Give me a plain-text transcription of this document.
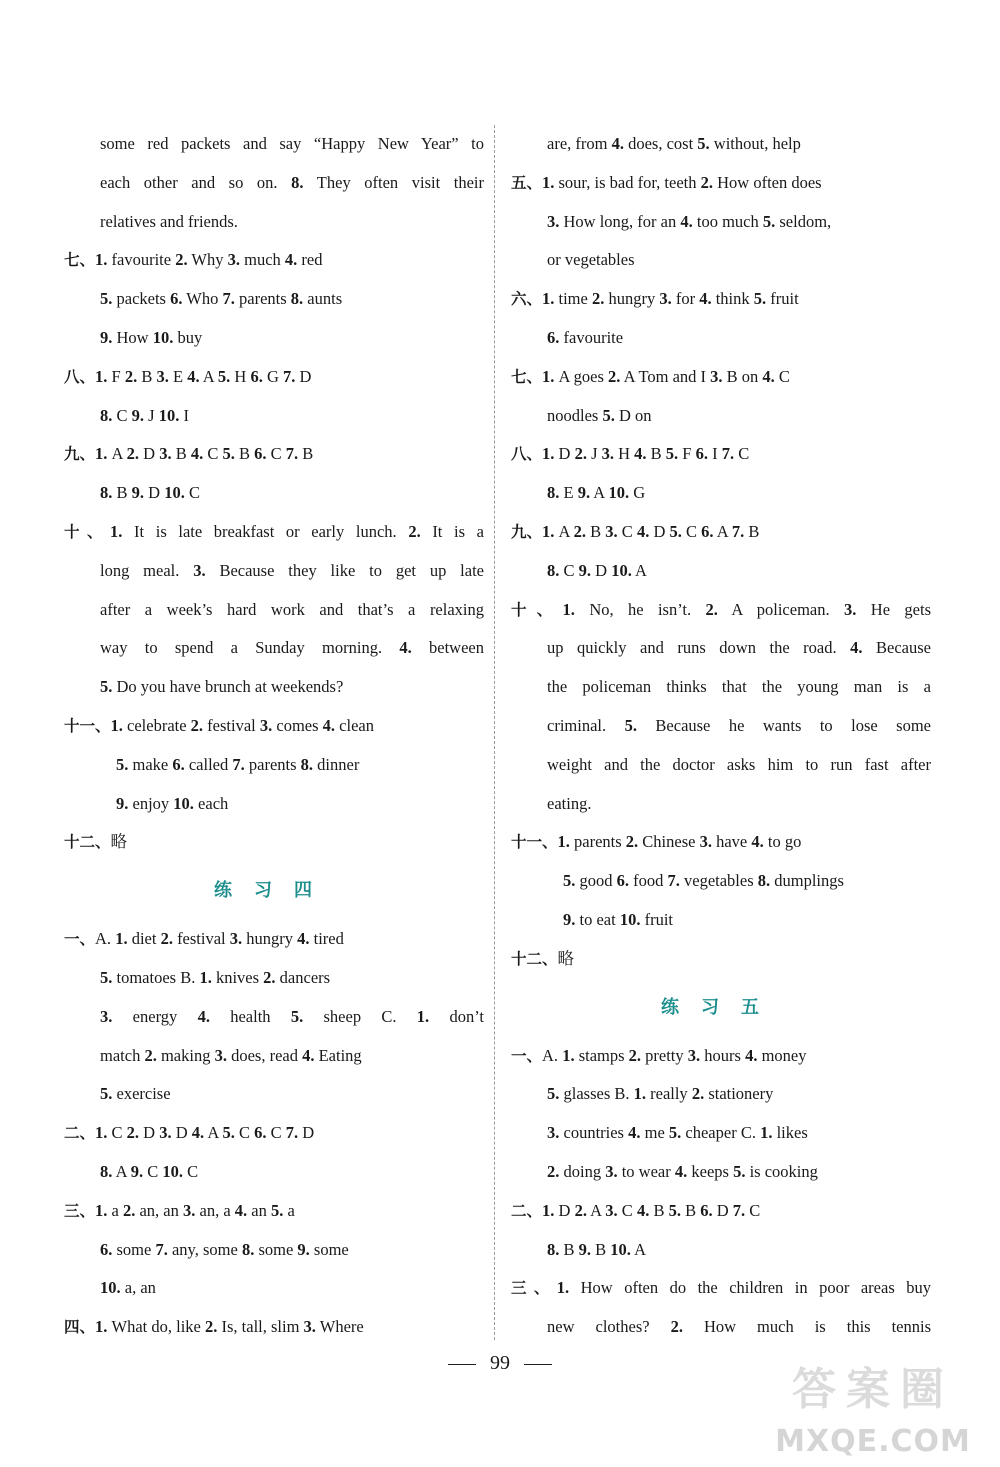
some red packets and say “Happy New Year” to
each other and so on. 8. They often visit their
relatives and friends.
七、1. favourite 2. Why 3. much 4. red
5. packets 6. Who 7. parents 8. aunts
9. How 10. buy
八、1. F 2. B 3. E 4. A 5. H 6. G 7. D
8. C 9. J 10. I
九、1. A 2. D 3. B 4. C 5. B 6. C 7. B
8. B 9. D 10. C
十、1. It is late breakfast or early lunch. 2. It is a
long meal. 3. Because they like to get up late
after a week’s hard work and that’s a relaxing
way to spend a Sunday morning. 4. between
5. Do you have brunch at weekends?
十一、1. celebrate 2. festival 3. comes 4. clean
5. make 6. called 7. parents 8. dinner
9. enjoy 10. each
十二、略
练习四
一、A. 1. diet 2. festival 3. hungry 4. tired
5. tomatoes B. 1. knives 2. dancers
3. energy 4. health 5. sheep C. 1. don’t
match 2. making 3. does, read 4. Eating
5. exercise
二、1. C 2. D 3. D 4. A 5. C 6. C 7. D
8. A 9. C 10. C
三、1. a 2. an, an 3. an, a 4. an 5. a
6. some 7. any, some 8. some 9. some
10. a, an
四、1. What do, like 2. Is, tall, slim 3. Where
are, from 4. does, cost 5. without, help
五、1. sour, is bad for, teeth 2. How often does
3. How long, for an 4. too much 5. seldom,
or vegetables
六、1. time 2. hungry 3. for 4. think 5. fruit
6. favourite
七、1. A goes 2. A Tom and I 3. B on 4. C
noodles 5. D on
八、1. D 2. J 3. H 4. B 5. F 6. I 7. C
8. E 9. A 10. G
九、1. A 2. B 3. C 4. D 5. C 6. A 7. B
8. C 9. D 10. A
十、1. No, he isn’t. 2. A policeman. 3. He gets
up quickly and runs down the road. 4. Because
the policeman thinks that the young man is a
criminal. 5. Because he wants to lose some
weight and the doctor asks him to run fast after
eating.
十一、1. parents 2. Chinese 3. have 4. to go
5. good 6. food 7. vegetables 8. dumplings
9. to eat 10. fruit
十二、略
练习五
一、A. 1. stamps 2. pretty 3. hours 4. money
5. glasses B. 1. really 2. stationery
3. countries 4. me 5. cheaper C. 1. likes
2. doing 3. to wear 4. keeps 5. is cooking
二、1. D 2. A 3. C 4. B 5. B 6. D 7. C
8. B 9. B 10. A
三、1. How often do the children in poor areas buy
new clothes? 2. How much is this tennis
99
答案圈
MXQE.COM
